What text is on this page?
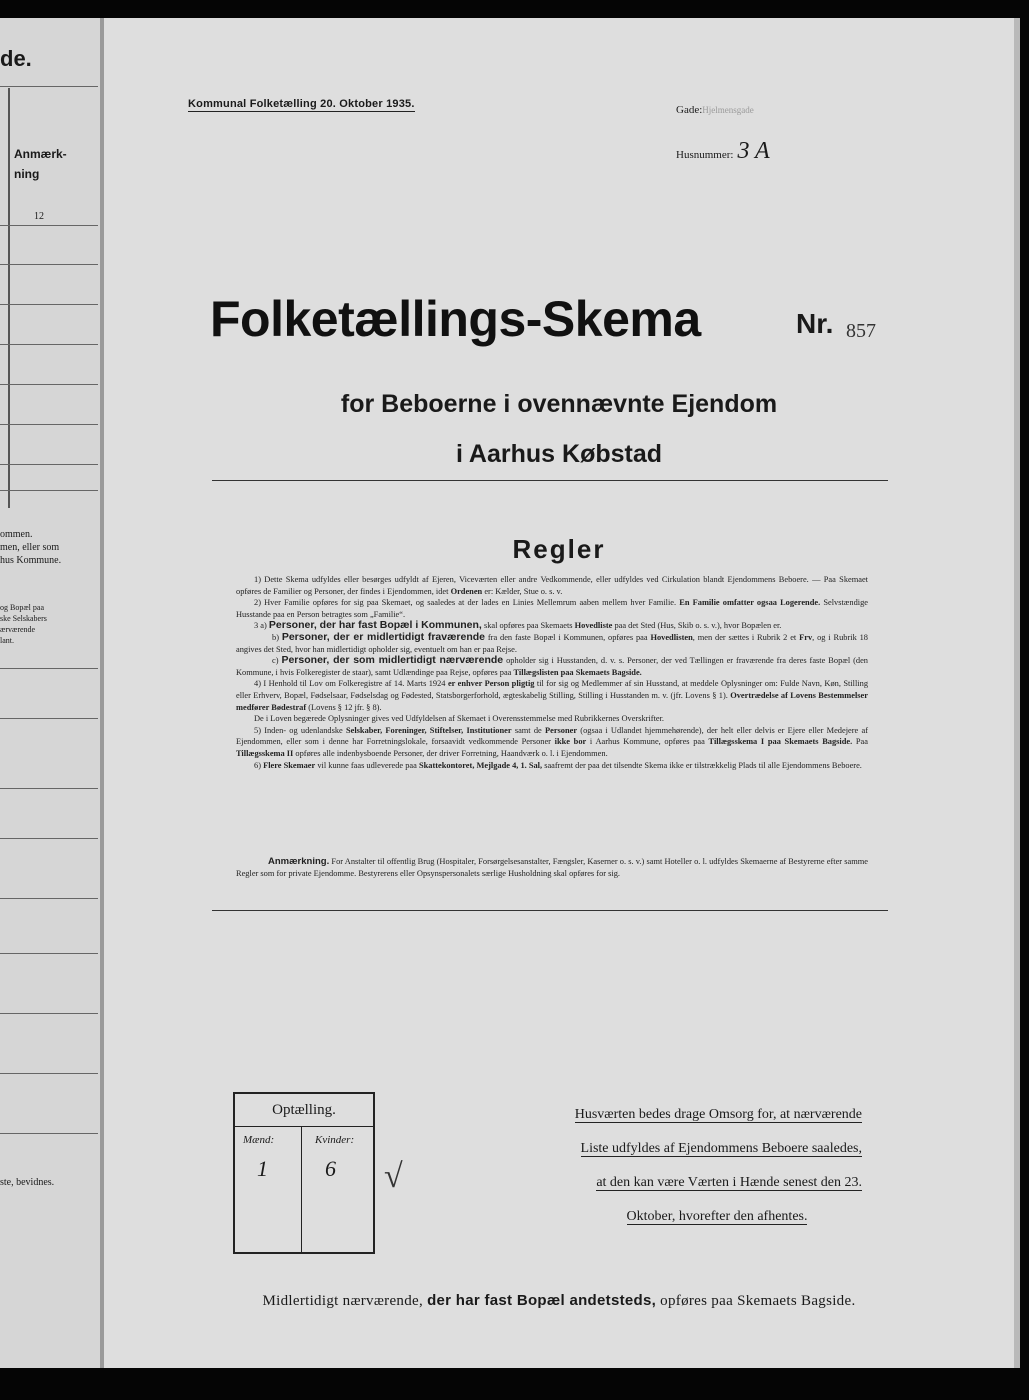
de.
Anmærk-
ning
12
ommen.
men, eller som
hus Kommune.
og Bopæl paa
ske Selskabers
ærværende
lant.
ste, bevidnes.
Kommunal Folketælling 20. Oktober 1935.	Gade:Hjelmensgade
Husnummer: 3 A
Folketællings-Skema	Nr. 857
for Beboerne i ovennævnte Ejendom
i Aarhus Købstad
Regler

1) Dette Skema udfyldes eller besørges udfyldt af Ejeren, Viceværten eller andre Vedkommende, eller udfyldes ved Cirkulation blandt Ejendommens Beboere. — Paa Skemaet opføres de Familier og Personer, der findes i Ejendommen, idet Ordenen er: Kælder, Stue o. s. v.

2) Hver Familie opføres for sig paa Skemaet, og saaledes at der lades en Linies Mellemrum aaben mellem hver Familie. En Familie omfatter ogsaa Logerende. Selvstændige Husstande paa en Person betragtes som „Familie“.

3 a) Personer, der har fast Bopæl i Kommunen, skal opføres paa Skemaets Hovedliste paa det Sted (Hus, Skib o. s. v.), hvor Bopælen er.

b) Personer, der er midlertidigt fraværende fra den faste Bopæl i Kommunen, opføres paa Hovedlisten, men der sættes i Rubrik 2 et Frv, og i Rubrik 18 angives det Sted, hvor han midlertidigt opholder sig, eventuelt om han er paa Rejse.

c) Personer, der som midlertidigt nærværende opholder sig i Husstanden, d. v. s. Personer, der ved Tællingen er fraværende fra deres faste Bopæl (den Kommune, i hvis Folkeregister de staar), samt Udlændinge paa Rejse, opføres paa Tillægslisten paa Skemaets Bagside.

4) I Henhold til Lov om Folkeregistre af 14. Marts 1924 er enhver Person pligtig til for sig og Medlemmer af sin Husstand, at meddele Oplysninger om: Fulde Navn, Køn, Stilling eller Erhverv, Bopæl, Fødselsaar, Fødselsdag og Fødested, Statsborgerforhold, ægteskabelig Stilling, Stilling i Husstanden m. v. (jfr. Lovens § 1). Overtrædelse af Lovens Bestemmelser medfører Bødestraf (Lovens § 12 jfr. § 8).

De i Loven begærede Oplysninger gives ved Udfyldelsen af Skemaet i Overensstemmelse med Rubrikkernes Overskrifter.

5) Inden- og udenlandske Selskaber, Foreninger, Stiftelser, Institutioner samt de Personer (ogsaa i Udlandet hjemmehørende), der helt eller delvis er Ejere eller Medejere af Ejendommen, eller som i denne har Forretningslokale, forsaavidt vedkommende Personer ikke bor i Aarhus Kommune, opføres paa Tillægsskema I paa Skemaets Bagside. Paa Tillægsskema II opføres alle indenbysboende Personer, der driver Forretning, Haandværk o. l. i Ejendommen.

6) Flere Skemaer vil kunne faas udleverede paa Skattekontoret, Mejlgade 4, 1. Sal, saafremt der paa det tilsendte Skema ikke er tilstrækkelig Plads til alle Ejendommens Beboere.

Anmærkning. For Anstalter til offentlig Brug (Hospitaler, Forsørgelsesanstalter, Fængsler, Kaserner o. s. v.) samt Hoteller o. l. udfyldes Skemaerne af Bestyrerne efter samme Regler som for private Ejendomme. Bestyrerens eller Opsynspersonalets særlige Husholdning skal opføres for sig.
Optælling.
Mænd:	Kvinder:
1	6 √
Husværten bedes drage Omsorg for, at nærværende
Liste udfyldes af Ejendommens Beboere saaledes,
at den kan være Værten i Hænde senest den 23.
Oktober, hvorefter den afhentes.
Midlertidigt nærværende, der har fast Bopæl andetsteds, opføres paa Skemaets Bagside.
